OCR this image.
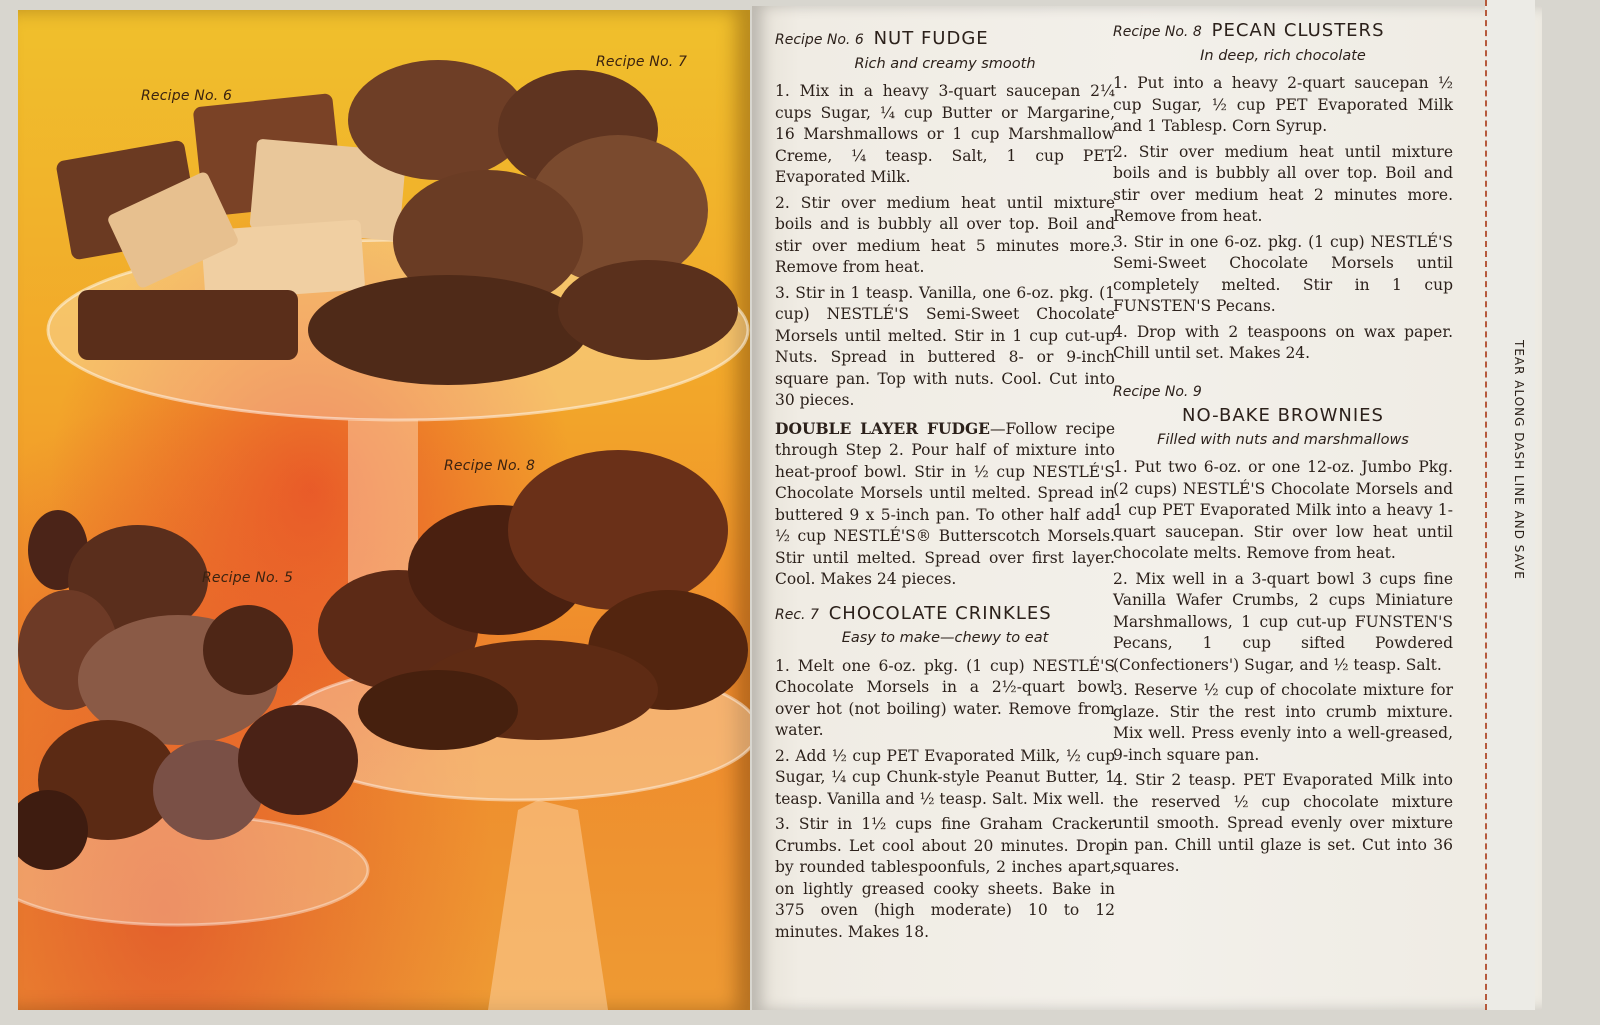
Recipe No. 6
Recipe No. 7
Recipe No. 8
Recipe No. 5

Recipe No. 6 NUT FUDGE

Rich and creamy smooth

1. Mix in a heavy 3-quart saucepan 2¼ cups Sugar, ¼ cup Butter or Margarine, 16 Marshmallows or 1 cup Marshmallow Creme, ¼ teasp. Salt, 1 cup PET Evaporated Milk.

2. Stir over medium heat until mixture boils and is bubbly all over top. Boil and stir over medium heat 5 minutes more. Remove from heat.

3. Stir in 1 teasp. Vanilla, one 6-oz. pkg. (1 cup) NESTLÉ'S Semi-Sweet Chocolate Morsels until melted. Stir in 1 cup cut-up Nuts. Spread in buttered 8- or 9-inch square pan. Top with nuts. Cool. Cut into 30 pieces.

DOUBLE LAYER FUDGE—Follow recipe through Step 2. Pour half of mixture into heat-proof bowl. Stir in ½ cup NESTLÉ'S Chocolate Morsels until melted. Spread in buttered 9 x 5-inch pan. To other half add ½ cup NESTLÉ'S® Butterscotch Morsels. Stir until melted. Spread over first layer. Cool. Makes 24 pieces.

Rec. 7 CHOCOLATE CRINKLES

Easy to make—chewy to eat

1. Melt one 6-oz. pkg. (1 cup) NESTLÉ'S Chocolate Morsels in a 2½-quart bowl over hot (not boiling) water. Remove from water.

2. Add ½ cup PET Evaporated Milk, ½ cup Sugar, ¼ cup Chunk-style Peanut Butter, 1 teasp. Vanilla and ½ teasp. Salt. Mix well.

3. Stir in 1½ cups fine Graham Cracker Crumbs. Let cool about 20 minutes. Drop by rounded tablespoonfuls, 2 inches apart, on lightly greased cooky sheets. Bake in 375 oven (high moderate) 10 to 12 minutes. Makes 18.

Recipe No. 8 PECAN CLUSTERS

In deep, rich chocolate

1. Put into a heavy 2-quart saucepan ½ cup Sugar, ½ cup PET Evaporated Milk and 1 Tablesp. Corn Syrup.

2. Stir over medium heat until mixture boils and is bubbly all over top. Boil and stir over medium heat 2 minutes more. Remove from heat.

3. Stir in one 6-oz. pkg. (1 cup) NESTLÉ'S Semi-Sweet Chocolate Morsels until completely melted. Stir in 1 cup FUNSTEN'S Pecans.

4. Drop with 2 teaspoons on wax paper. Chill until set. Makes 24.

Recipe No. 9

NO-BAKE BROWNIES

Filled with nuts and marshmallows

1. Put two 6-oz. or one 12-oz. Jumbo Pkg. (2 cups) NESTLÉ'S Chocolate Morsels and 1 cup PET Evaporated Milk into a heavy 1-quart saucepan. Stir over low heat until chocolate melts. Remove from heat.

2. Mix well in a 3-quart bowl 3 cups fine Vanilla Wafer Crumbs, 2 cups Miniature Marshmallows, 1 cup cut-up FUNSTEN'S Pecans, 1 cup sifted Powdered (Confectioners') Sugar, and ½ teasp. Salt.

3. Reserve ½ cup of chocolate mixture for glaze. Stir the rest into crumb mixture. Mix well. Press evenly into a well-greased, 9-inch square pan.

4. Stir 2 teasp. PET Evaporated Milk into the reserved ½ cup chocolate mixture until smooth. Spread evenly over mixture in pan. Chill until glaze is set. Cut into 36 squares.

TEAR ALONG DASH LINE AND SAVE
